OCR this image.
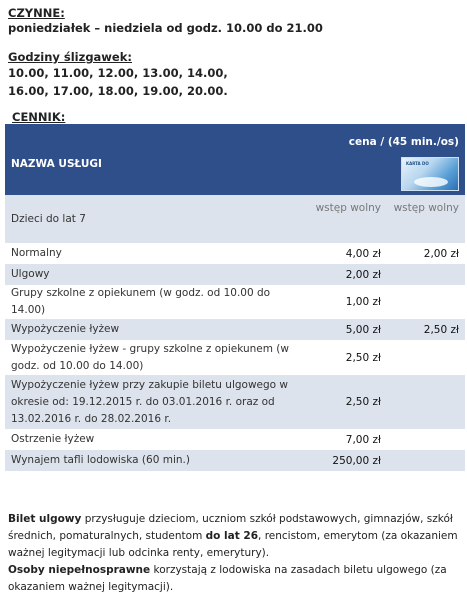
CZYNNE:
poniedziałek – niedziela od godz. 10.00 do 21.00
Godziny ślizgawek:
10.00, 11.00, 12.00, 13.00, 14.00,
16.00, 17.00, 18.00, 19.00, 20.00.
CENNIK:
NAZWA USŁUGI	cena / (45 min./os)
KARTA DO	

Dzieci do lat 7	wstęp wolny	wstęp wolny
Normalny	4,00 zł	2,00 zł
Ulgowy	2,00 zł	
Grupy szkolne z opiekunem (w godz. od 10.00 do 14.00)	1,00 zł	
Wypożyczenie łyżew	5,00 zł	2,50 zł
Wypożyczenie łyżew - grupy szkolne z opiekunem (w godz. od 10.00 do 14.00)	2,50 zł	
Wypożyczenie łyżew przy zakupie biletu ulgowego w okresie od: 19.12.2015 r. do 03.01.2016 r. oraz od 13.02.2016 r. do 28.02.2016 r.	2,50 zł	
Ostrzenie łyżew	7,00 zł	
Wynajem tafli lodowiska (60 min.)	250,00 zł	
Bilet ulgowy przysługuje dzieciom, uczniom szkół podstawowych, gimnazjów, szkół średnich, pomaturalnych, studentom do lat 26, rencistom, emerytom (za okazaniem ważnej legitymacji lub odcinka renty, emerytury).
Osoby niepełnosprawne korzystają z lodowiska na zasadach biletu ulgowego (za okazaniem ważnej legitymacji).
